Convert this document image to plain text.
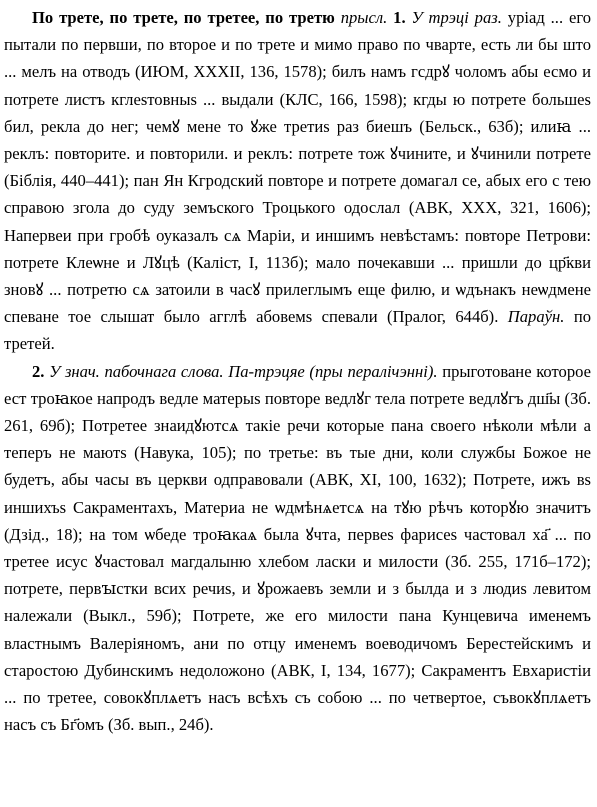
По трете, по трете, по третее, по третю прысл. 1. У трэці раз. уріад ... его пытали по первши, по второе и по трете и мимо право по чварте, есть ли бы што ... мелъ на отводъ (ИЮМ, XXXII, 136, 1578); билъ намъ гсдрꙋ чоломъ абы есмо и потрете листъ кглеѕтовныѕ ... выдали (КЛС, 166, 1598); кгды ю потрете большеѕ бил, рекла до нег; чемꙋ мене то ꙋже третиѕ раз биешъ (Бельск., 63б); илиꙗ ... реклъ: повторите. и повторили. и реклъ: потрете тож ꙋчините, и ꙋчинили потрете (Біблія, 440–441); пан Ян Кгродский повторе и потрете домагал се, абых его с тею справою згола до суду земъского Троцького одослал (АВК, XXX, 321, 1606); Напервеи при гробѣ оуказалъ сѧ Маріи, и иншимъ невѣстамъ: повторе Петрови: потрете Клеѡне и Лꙋцѣ (Каліст, I, 113б); мало почекавши ... пришли до цр҃кви зновꙋ ... потретю сѧ затоили в часꙋ прилеглымъ еще филю, и ѡдънакъ неѡдмене спеване тое слышат было агглѣ абовемѕ спевали (Пралог, 644б). Параўн. по третей.

2. У знач. пабочнага слова. Па-трэцяе (пры пералічэнні). прыготоване которое ест троꙗкое напродъ ведле матерыѕ повторе ведлꙋг тела потрете ведлꙋгъ дш҃ы (Зб. 261, 69б); Потретее знаидꙋютсѧ такіе речи которые пана своего нѣколи мѣли а теперъ не маютѕ (Навука, 105); по третье: въ тые дни, коли службы Божое не будетъ, абы часы въ церкви одправовали (АВК, XI, 100, 1632); Потрете, ижъ вѕ иншихъѕ Сакраментахъ, Материа не ѡдмѣнѧетсѧ на тꙋю рѣчъ которꙋю значитъ (Дзід., 18); на том ѡбеде троꙗкаѧ была ꙋчта, первеѕ фарисеѕ частовал ха҃ ... по третее исус ꙋчастовал магдалыню хлебом ласки и милости (Зб. 255, 171б–172); потрете, первꙑстки всих речиѕ, и ꙋрожаевъ земли и з былда и з людиѕ левитом належали (Выкл., 59б); Потрете, же его милости пана Кунцевича именемъ властнымъ Валеріяномъ, ани по отцу именемъ воеводичомъ Берестейскимъ и старостою Дубинскимъ недоложоно (АВК, I, 134, 1677); Сакраментъ Евхаристіи ... по третее, совокꙋплѧетъ насъ всѣхъ съ собою ... по четвертое, съвокꙋплѧетъ насъ съ Бг҃омъ (Зб. вып., 24б).
